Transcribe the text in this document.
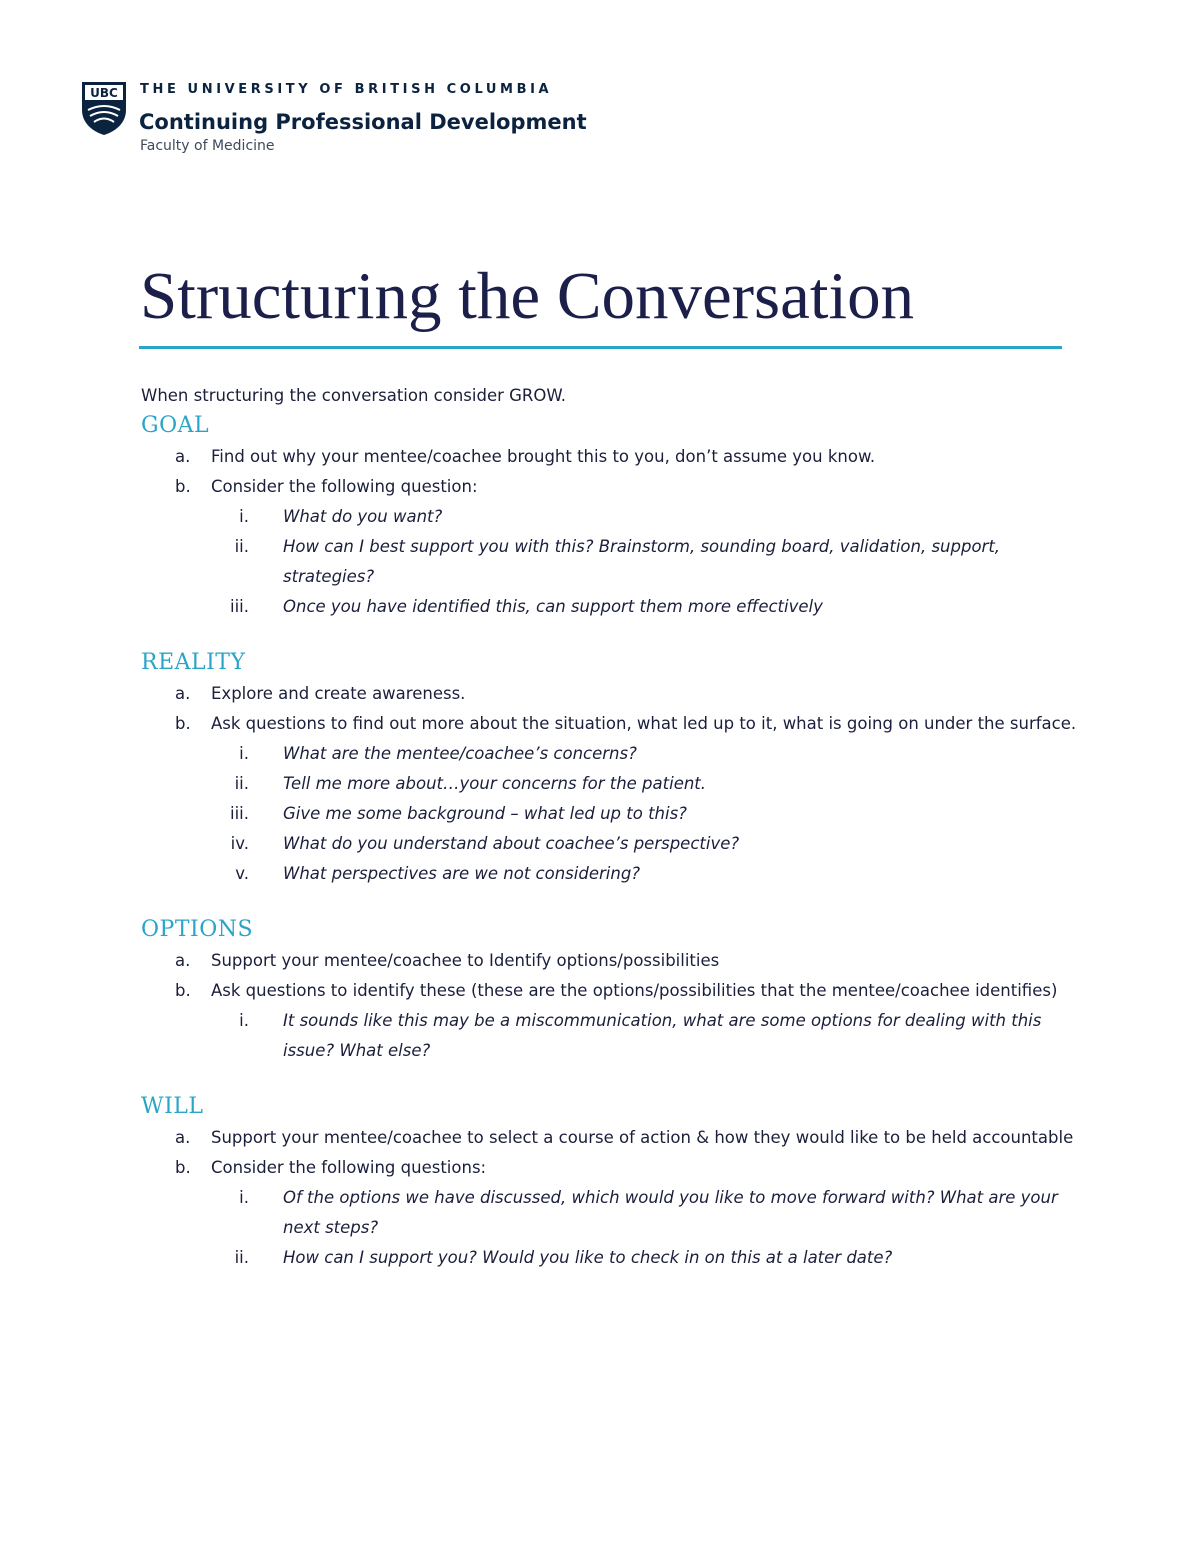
UBC THE UNIVERSITY OF BRITISH COLUMBIA
Continuing Professional Development
Faculty of Medicine
Structuring the Conversation

When structuring the conversation consider GROW.

GOAL
a. Find out why your mentee/coachee brought this to you, don’t assume you know.
b. Consider the following question:
i. What do you want?
ii. How can I best support you with this? Brainstorm, sounding board, validation, support, strategies?
iii. Once you have identified this, can support them more effectively
REALITY
a. Explore and create awareness.
b. Ask questions to find out more about the situation, what led up to it, what is going on under the surface.
i. What are the mentee/coachee’s concerns?
ii. Tell me more about…your concerns for the patient.
iii. Give me some background – what led up to this?
iv. What do you understand about coachee’s perspective?
v. What perspectives are we not considering?
OPTIONS
a. Support your mentee/coachee to Identify options/possibilities
b. Ask questions to identify these (these are the options/possibilities that the mentee/coachee identifies)
i. It sounds like this may be a miscommunication, what are some options for dealing with this issue? What else?
WILL
a. Support your mentee/coachee to select a course of action & how they would like to be held accountable
b. Consider the following questions:
i. Of the options we have discussed, which would you like to move forward with? What are your next steps?
ii. How can I support you? Would you like to check in on this at a later date?
